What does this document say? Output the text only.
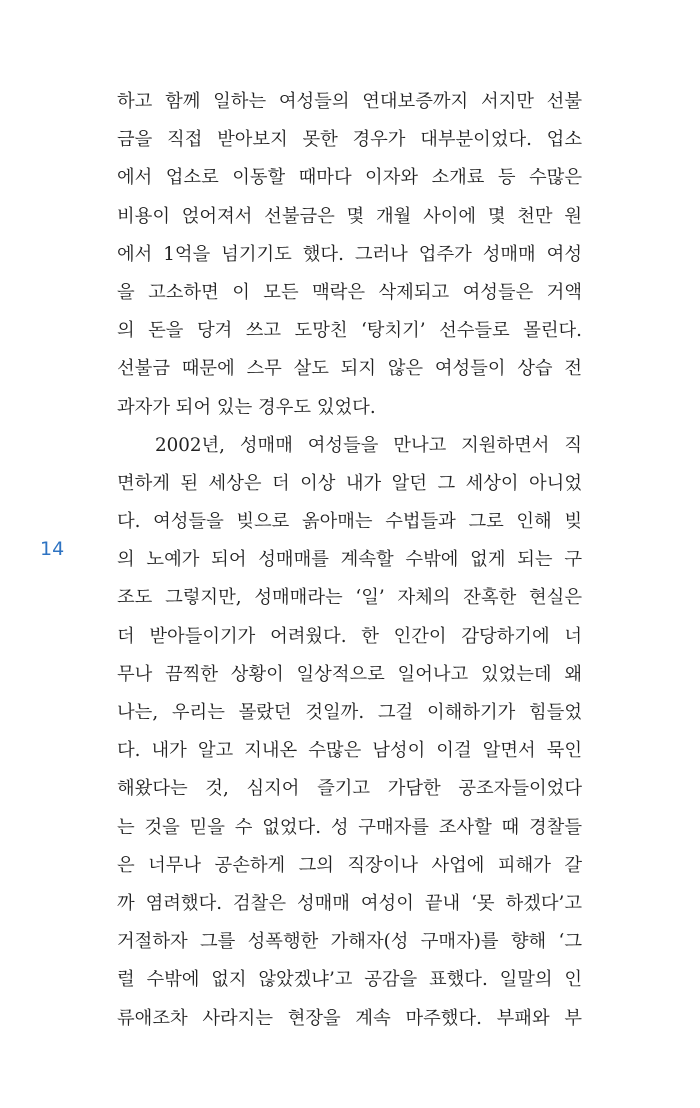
14
하고 함께 일하는 여성들의 연대보증까지 서지만 선불
금을 직접 받아보지 못한 경우가 대부분이었다. 업소
에서 업소로 이동할 때마다 이자와 소개료 등 수많은
비용이 얹어져서 선불금은 몇 개월 사이에 몇 천만 원
에서 1억을 넘기기도 했다. 그러나 업주가 성매매 여성
을 고소하면 이 모든 맥락은 삭제되고 여성들은 거액
의 돈을 당겨 쓰고 도망친 ‘탕치기’ 선수들로 몰린다.
선불금 때문에 스무 살도 되지 않은 여성들이 상습 전
과자가 되어 있는 경우도 있었다.
2002년, 성매매 여성들을 만나고 지원하면서 직
면하게 된 세상은 더 이상 내가 알던 그 세상이 아니었
다. 여성들을 빚으로 옭아매는 수법들과 그로 인해 빚
의 노예가 되어 성매매를 계속할 수밖에 없게 되는 구
조도 그렇지만, 성매매라는 ‘일’ 자체의 잔혹한 현실은
더 받아들이기가 어려웠다. 한 인간이 감당하기에 너
무나 끔찍한 상황이 일상적으로 일어나고 있었는데 왜
나는, 우리는 몰랐던 것일까. 그걸 이해하기가 힘들었
다. 내가 알고 지내온 수많은 남성이 이걸 알면서 묵인
해왔다는 것, 심지어 즐기고 가담한 공조자들이었다
는 것을 믿을 수 없었다. 성 구매자를 조사할 때 경찰들
은 너무나 공손하게 그의 직장이나 사업에 피해가 갈
까 염려했다. 검찰은 성매매 여성이 끝내 ‘못 하겠다’고
거절하자 그를 성폭행한 가해자(성 구매자)를 향해 ‘그
럴 수밖에 없지 않았겠냐’고 공감을 표했다. 일말의 인
류애조차 사라지는 현장을 계속 마주했다. 부패와 부
